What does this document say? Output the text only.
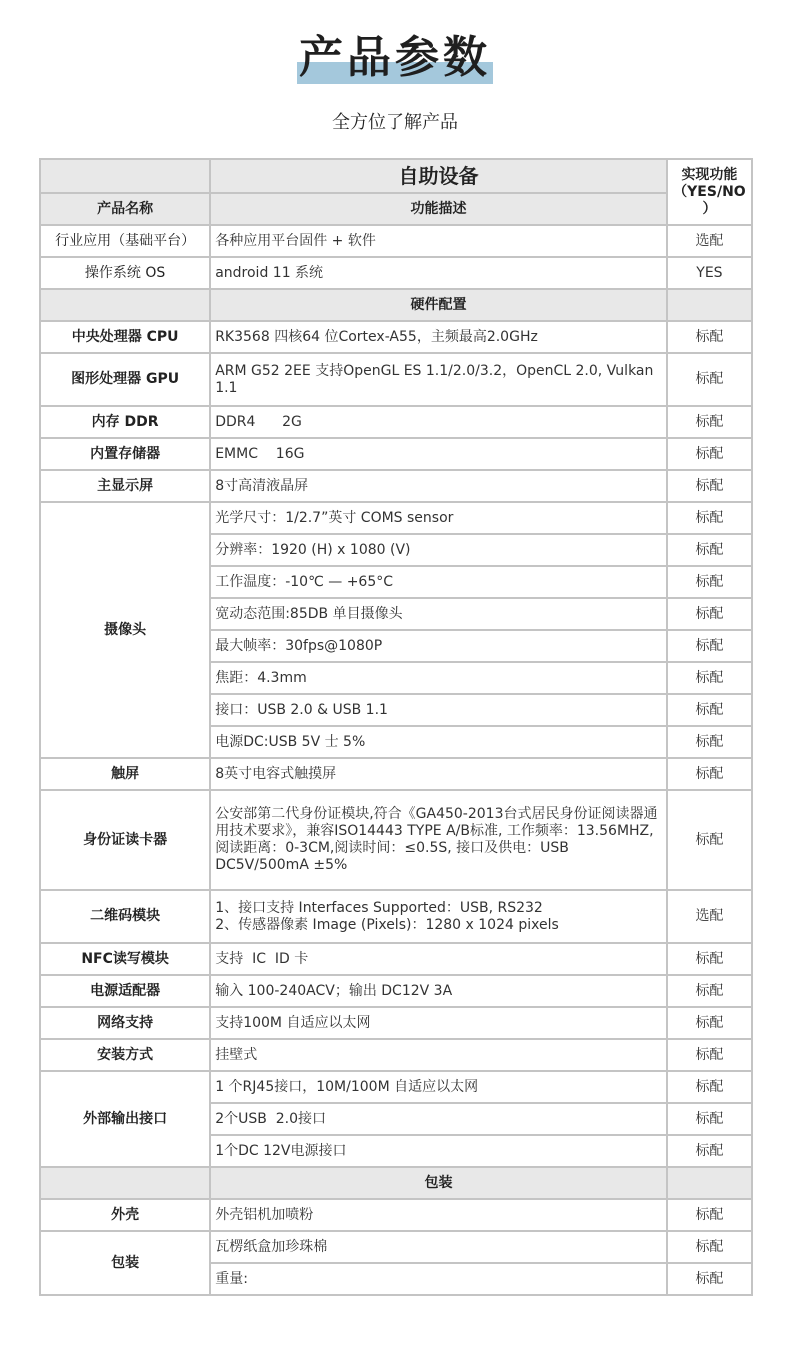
产品参数
全方位了解产品
	自助设备	实现功能
（YES/NO ）

产品名称	功能描述	
行业应用（基础平台）	各种应用平台固件 + 软件	选配
操作系统 OS	android 11 系统	YES
	硬件配置	
中央处理器 CPU	RK3568 四核64 位Cortex-A55，主频最高2.0GHz	标配
图形处理器 GPU	ARM G52 2EE 支持OpenGL ES 1.1/2.0/3.2，OpenCL 2.0, Vulkan 1.1	标配
内存 DDR	DDR4      2G	标配
内置存储器	EMMC    16G	标配
主显示屏	8寸高清液晶屏	标配
摄像头	光学尺寸：1/2.7”英寸 COMS sensor	标配
	分辨率：1920 (H) x 1080 (V)	标配
	工作温度：-10℃ — +65°C	标配
	宽动态范围:85DB 单目摄像头	标配
	最大帧率：30fps@1080P	标配
	焦距：4.3mm	标配
	接口：USB 2.0 & USB 1.1	标配
	电源DC:USB 5V 士 5%	标配
触屏	8英寸电容式触摸屏	标配
身份证读卡器	公安部第二代身份证模块,符合《GA450-2013台式居民身份证阅读器通用技术要求》，兼容ISO14443 TYPE A/B标准, 工作频率：13.56MHZ, 阅读距离：0-3CM,阅读时间：≤0.5S, 接口及供电：USB DC5V/500mA ±5%	标配
二维码模块	1、接口支持 Interfaces Supported：USB, RS232
2、传感器像素 Image (Pixels)：1280 x 1024 pixels	选配
NFC读写模块	支持  IC  ID 卡	标配
电源适配器	输入 100-240ACV；输出 DC12V 3A	标配
网络支持	支持100M 自适应以太网	标配
安装方式	挂壁式	标配
外部输出接口	1 个RJ45接口，10M/100M 自适应以太网	标配
	2个USB  2.0接口	标配
	1个DC 12V电源接口	标配
	包装	
外壳	外壳铝机加喷粉	标配
包装	瓦楞纸盒加珍珠棉	标配
	重量:	标配
